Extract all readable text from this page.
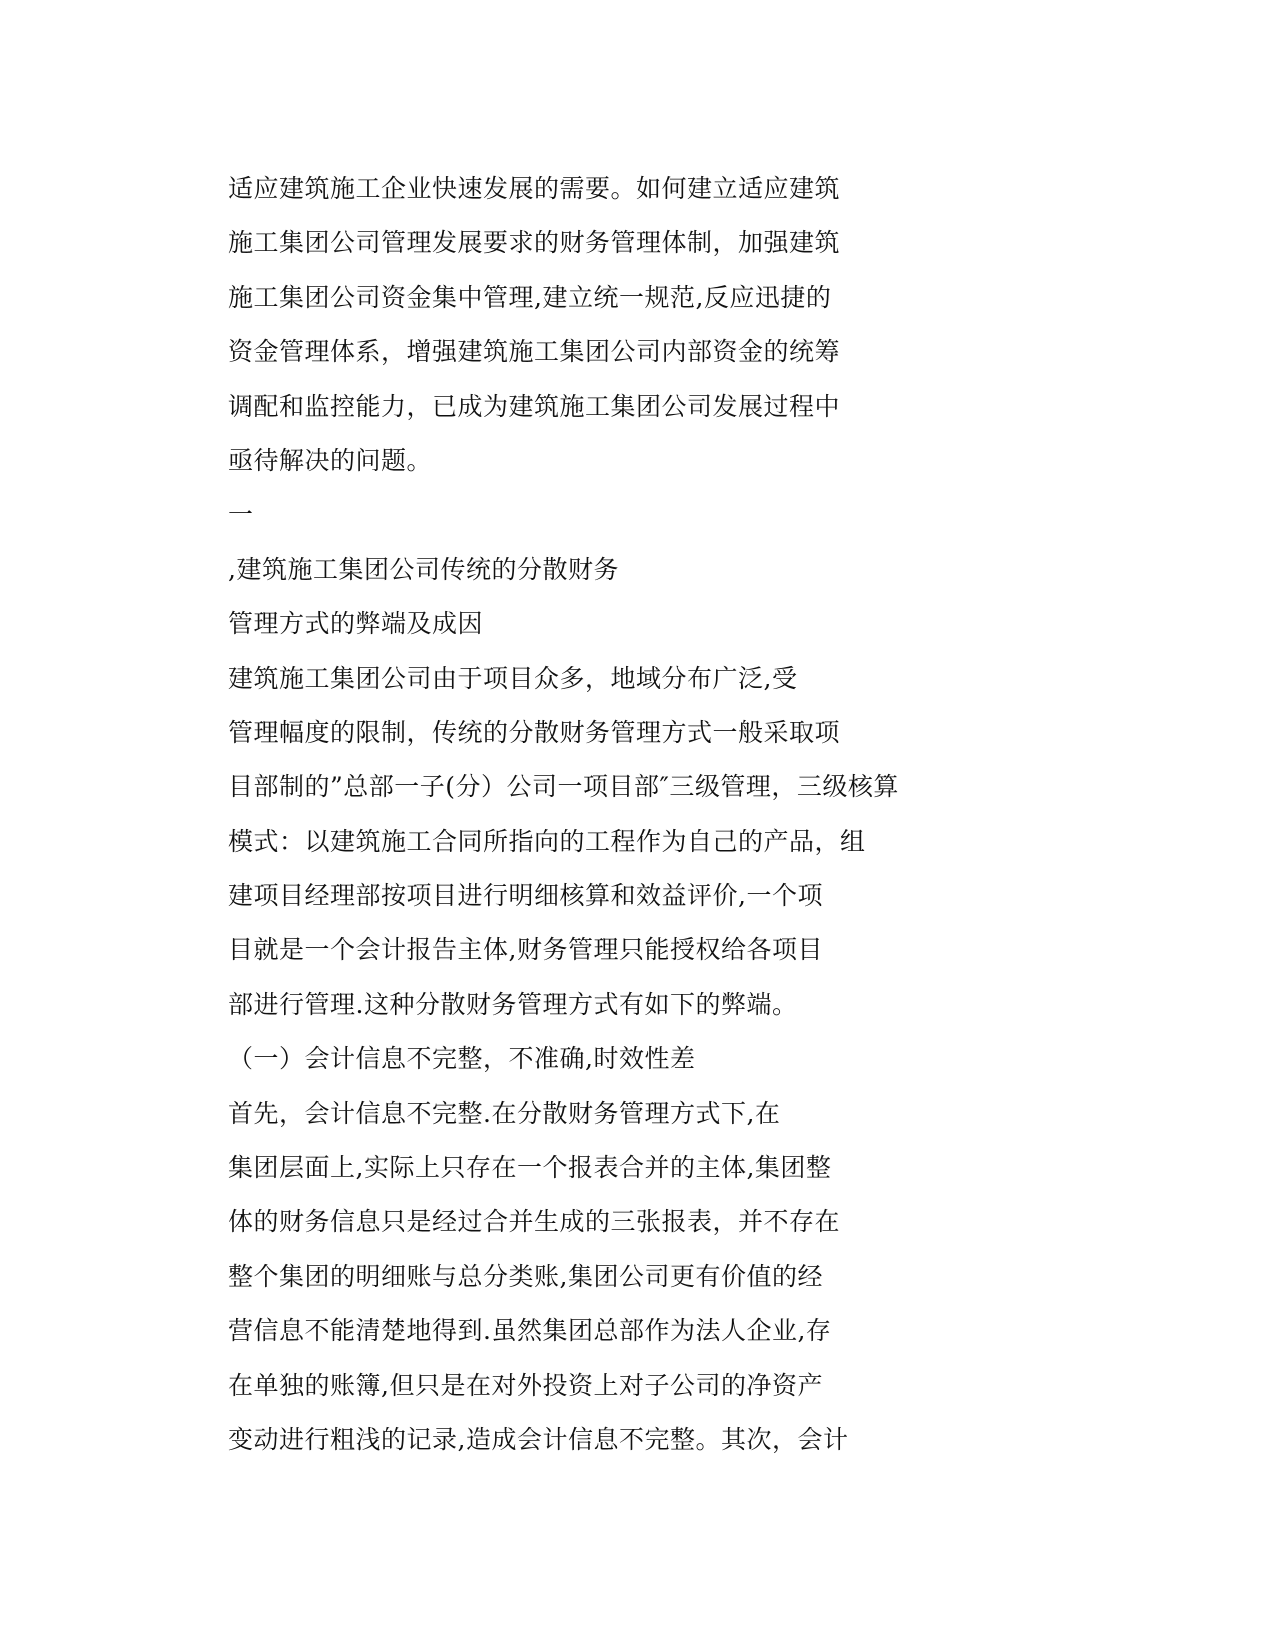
适应建筑施工企业快速发展的需要。如何建立适应建筑
施工集团公司管理发展要求的财务管理体制，加强建筑
施工集团公司资金集中管理,建立统一规范,反应迅捷的
资金管理体系，增强建筑施工集团公司内部资金的统筹
调配和监控能力，已成为建筑施工集团公司发展过程中
亟待解决的问题。
一
,建筑施工集团公司传统的分散财务
管理方式的弊端及成因
建筑施工集团公司由于项目众多，地域分布广泛,受
管理幅度的限制，传统的分散财务管理方式一般采取项
目部制的”总部一子(分）公司一项目部″三级管理，三级核算
模式：以建筑施工合同所指向的工程作为自己的产品，组
建项目经理部按项目进行明细核算和效益评价,一个项
目就是一个会计报告主体,财务管理只能授权给各项目
部进行管理.这种分散财务管理方式有如下的弊端。
（一）会计信息不完整，不准确,时效性差
首先，会计信息不完整.在分散财务管理方式下,在
集团层面上,实际上只存在一个报表合并的主体,集团整
体的财务信息只是经过合并生成的三张报表，并不存在
整个集团的明细账与总分类账,集团公司更有价值的经
营信息不能清楚地得到.虽然集团总部作为法人企业,存
在单独的账簿,但只是在对外投资上对子公司的净资产
变动进行粗浅的记录,造成会计信息不完整。其次，会计
